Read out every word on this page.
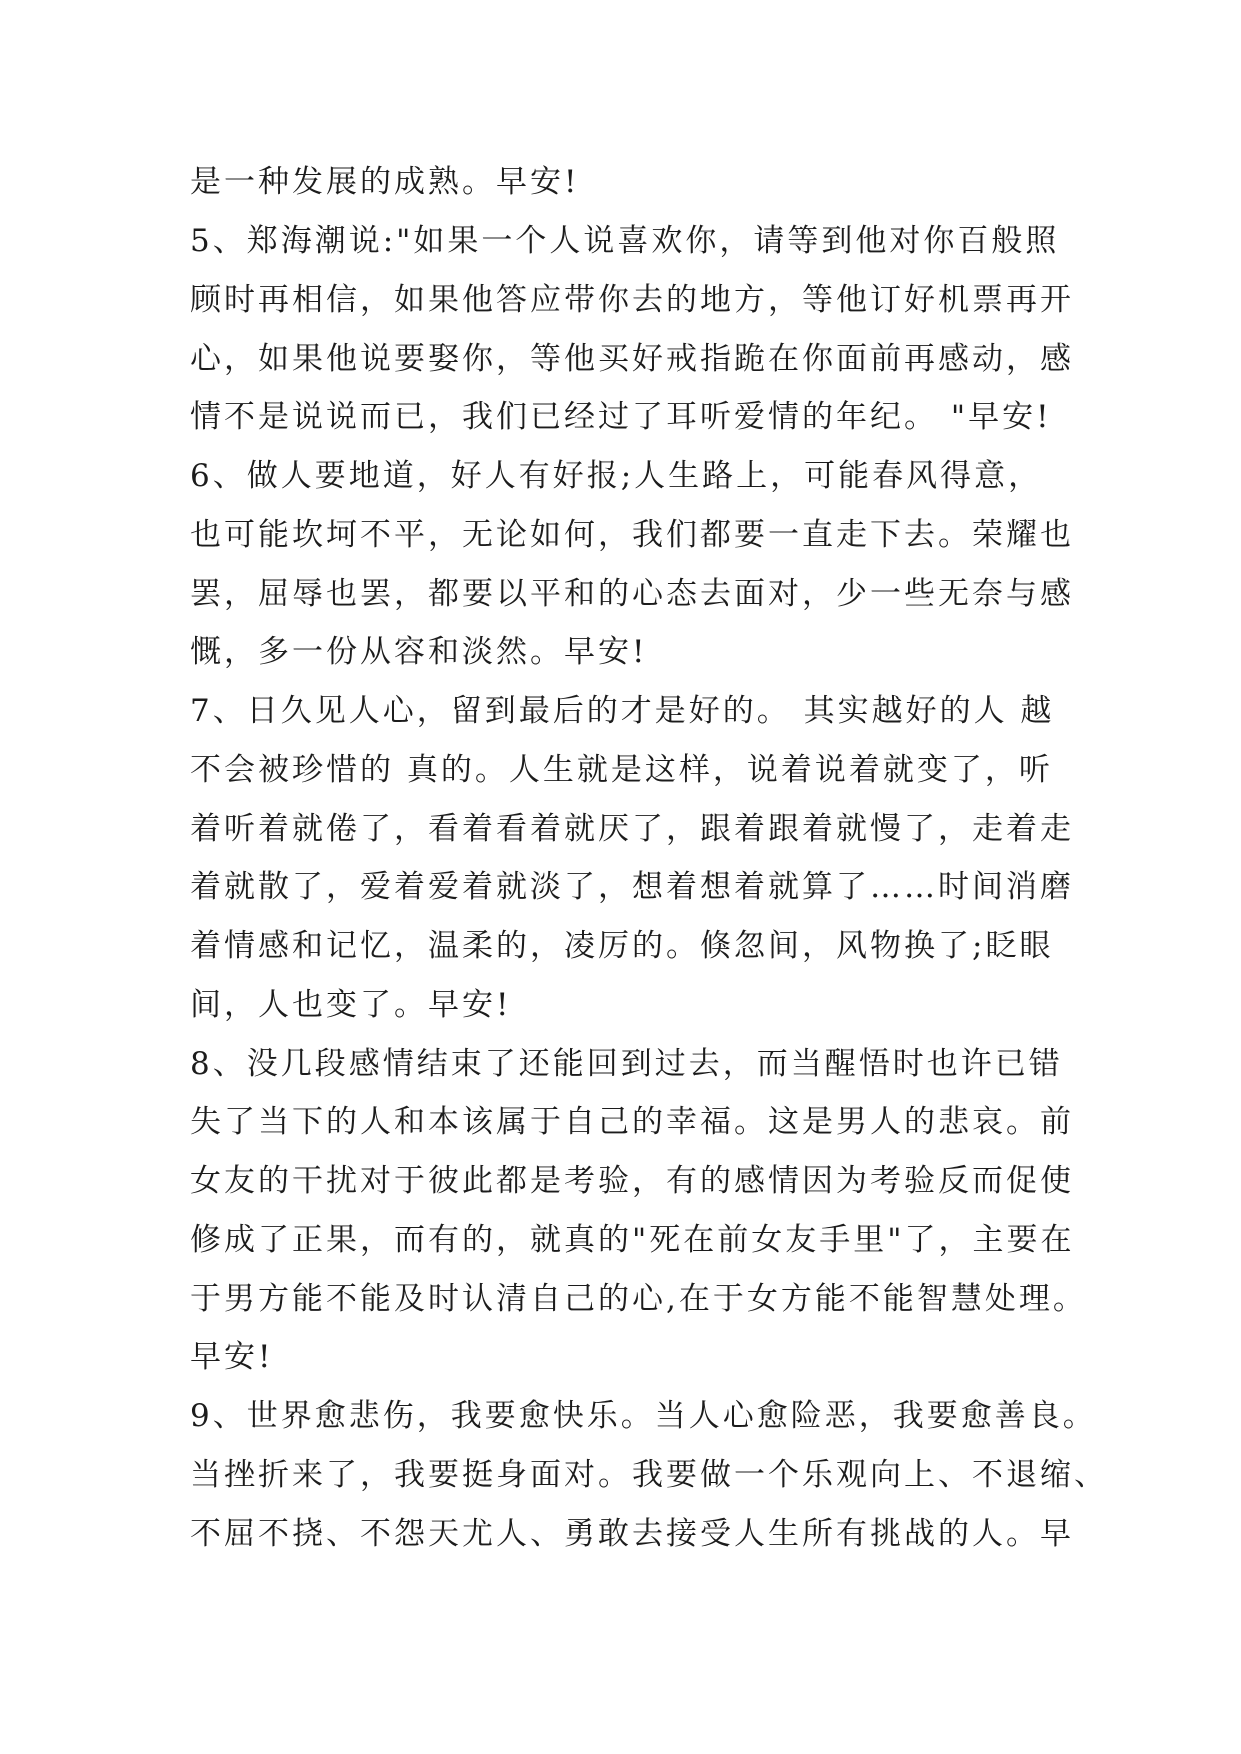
是一种发展的成熟。早安!
5、郑海潮说:"如果一个人说喜欢你，请等到他对你百般照
顾时再相信，如果他答应带你去的地方，等他订好机票再开
心，如果他说要娶你，等他买好戒指跪在你面前再感动，感
情不是说说而已，我们已经过了耳听爱情的年纪。 "早安!
6、做人要地道，好人有好报;人生路上，可能春风得意，
也可能坎坷不平，无论如何，我们都要一直走下去。荣耀也
罢，屈辱也罢，都要以平和的心态去面对，少一些无奈与感
慨，多一份从容和淡然。早安!
7、日久见人心，留到最后的才是好的。 其实越好的人 越
不会被珍惜的 真的。人生就是这样，说着说着就变了，听
着听着就倦了，看着看着就厌了，跟着跟着就慢了，走着走
着就散了，爱着爱着就淡了，想着想着就算了……时间消磨
着情感和记忆，温柔的，凌厉的。倏忽间，风物换了;眨眼
间，人也变了。早安!
8、没几段感情结束了还能回到过去，而当醒悟时也许已错
失了当下的人和本该属于自己的幸福。这是男人的悲哀。前
女友的干扰对于彼此都是考验，有的感情因为考验反而促使
修成了正果，而有的，就真的"死在前女友手里"了，主要在
于男方能不能及时认清自己的心,在于女方能不能智慧处理。
早安!
9、世界愈悲伤，我要愈快乐。当人心愈险恶，我要愈善良。
当挫折来了，我要挺身面对。我要做一个乐观向上、不退缩、
不屈不挠、不怨天尤人、勇敢去接受人生所有挑战的人。早
